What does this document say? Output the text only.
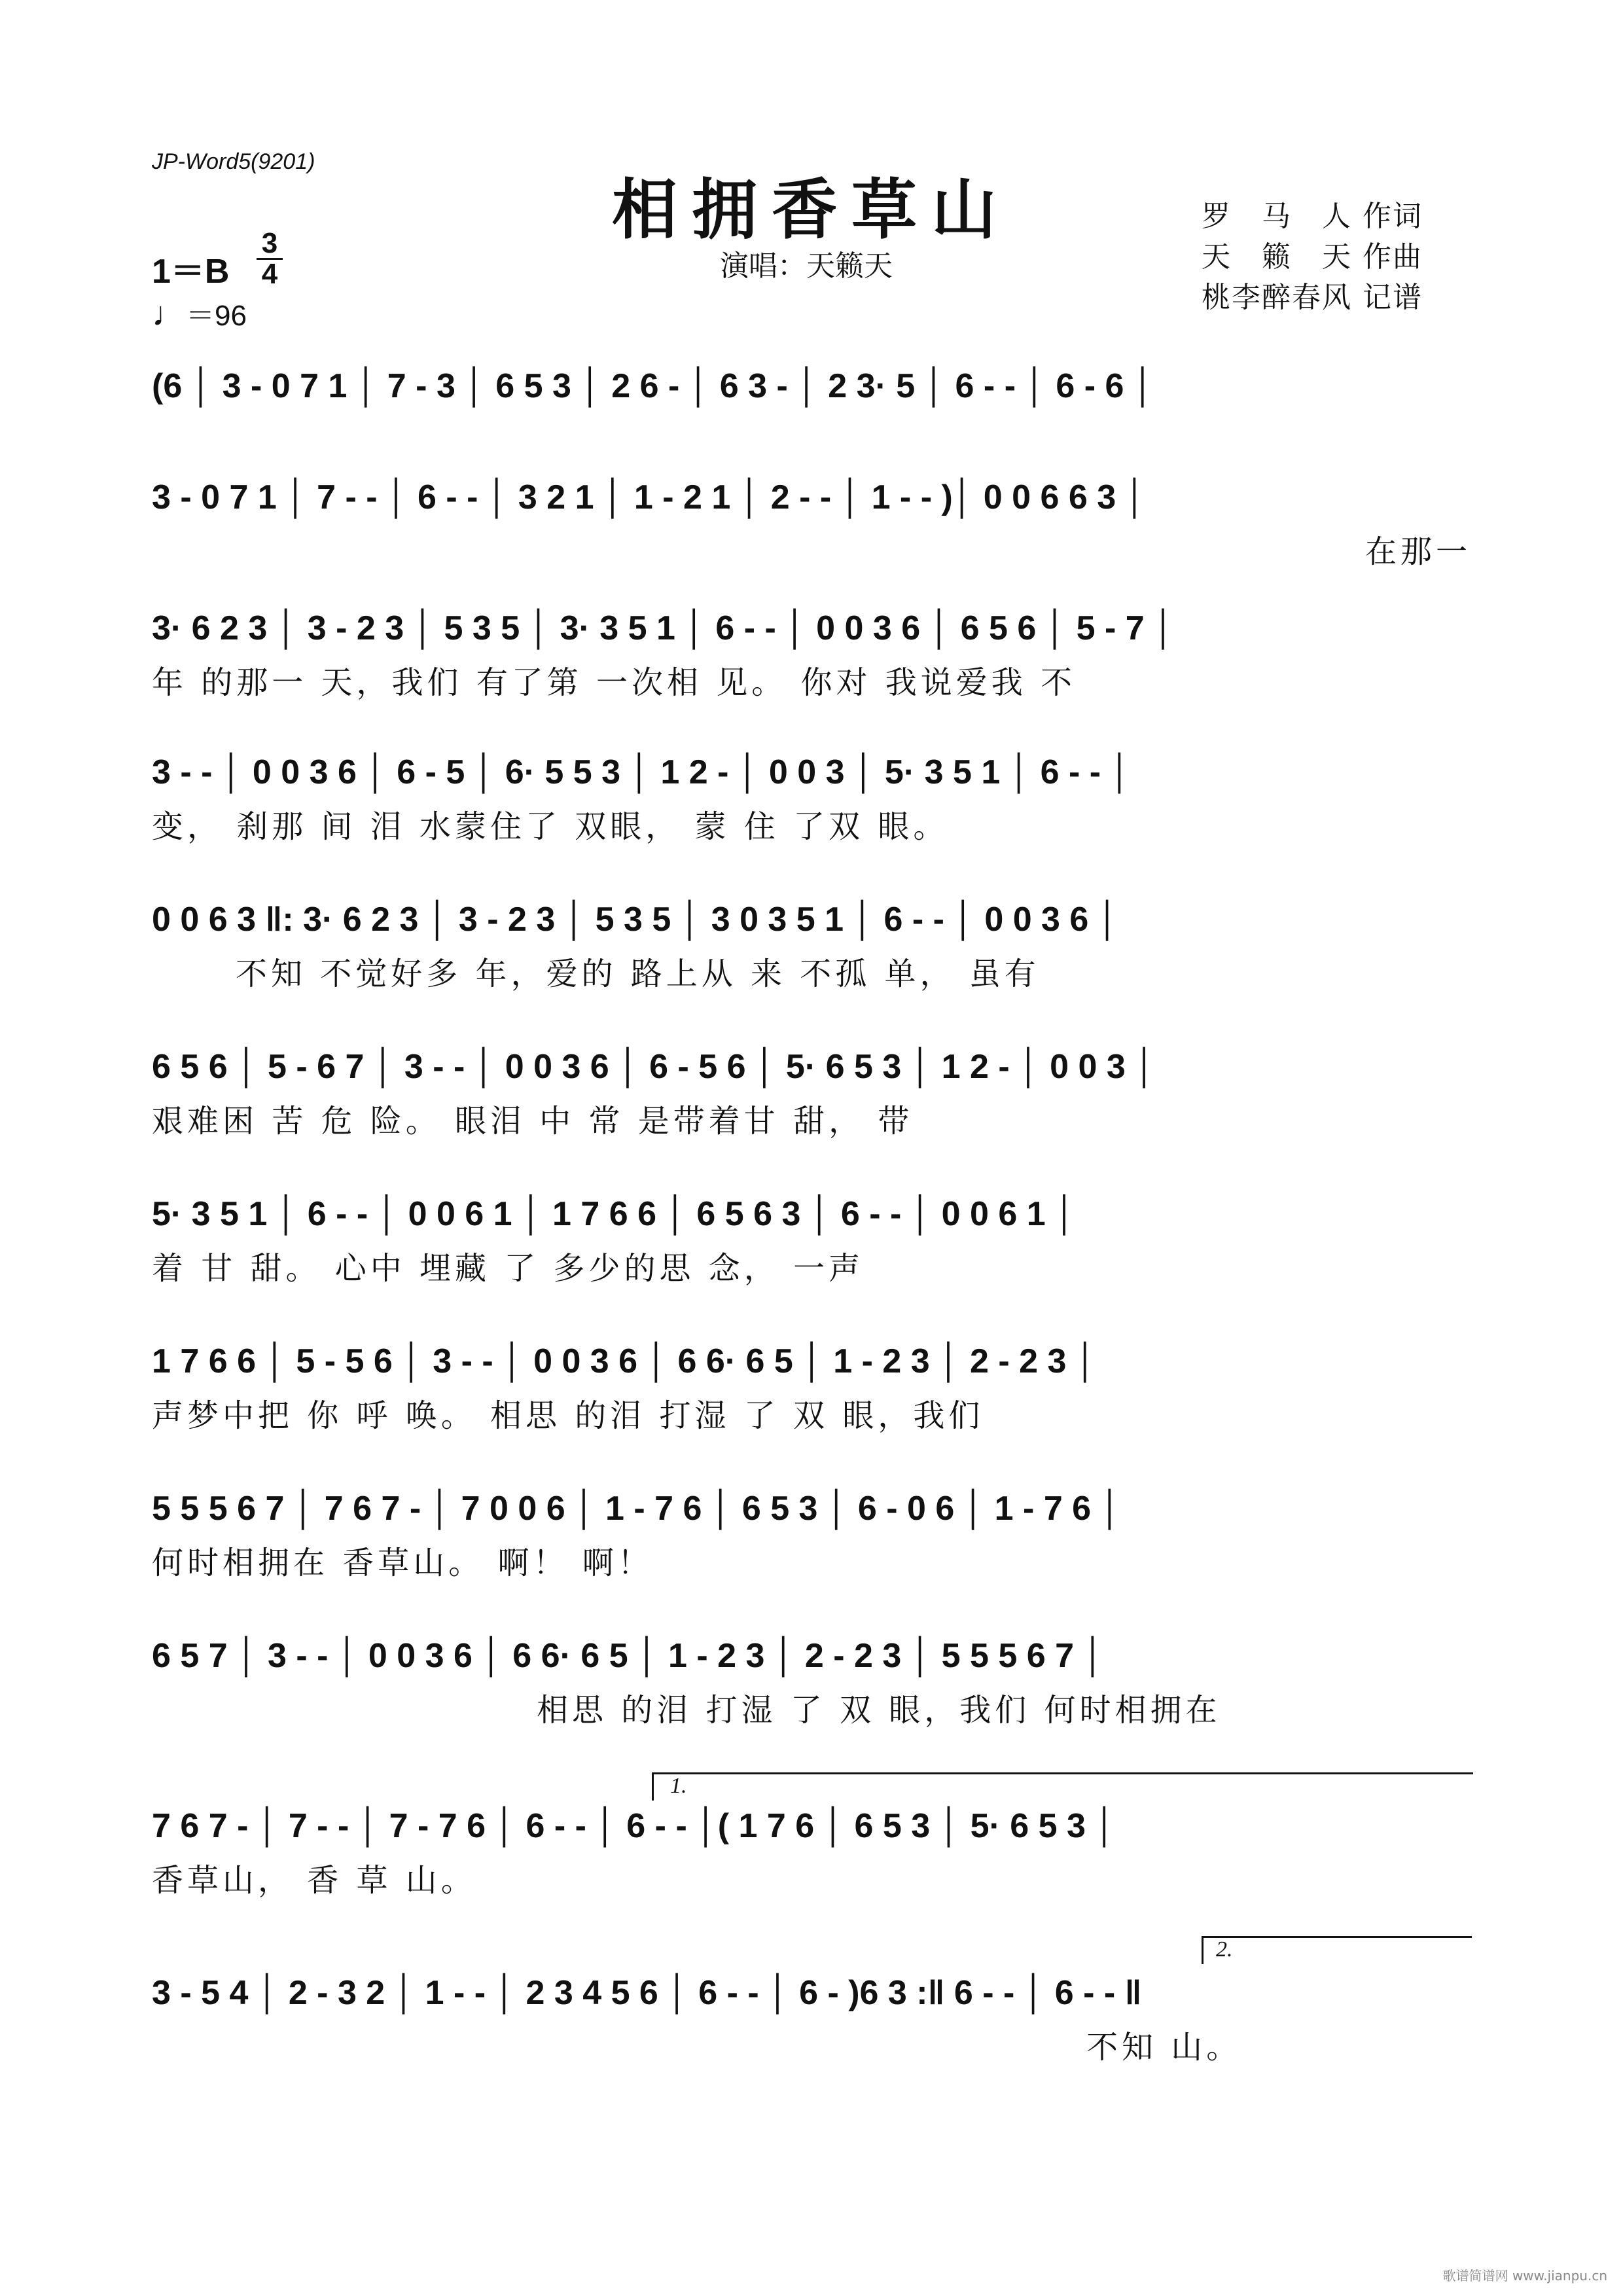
JP-Word5(9201)
相拥香草山
演唱：天籁天
罗　马　人 作词
天　籁　天 作曲
桃李醉春风 记谱
1＝B
3
4
♩＝96
(6 │ 3 - 0 7 1 │ 7 - 3 │ 6 5 3 │ 2 6 - │ 6 3 - │ 2 3· 5 │ 6 - - │ 6 - 6 │
3 - 0 7 1 │ 7 - - │ 6 - - │ 3 2 1 │ 1 - 2 1 │ 2 - - │ 1 - - )│ 0 0 6 6 3 │
在那一
3· 6 2 3 │ 3 - 2 3 │ 5 3 5 │ 3· 3 5 1 │ 6 - - │ 0 0 3 6 │ 6 5 6 │ 5 - 7 │
年 的那一 天，我们 有了第 一次相 见。 你对 我说爱我 不
3 - - │ 0 0 3 6 │ 6 - 5 │ 6· 5 5 3 │ 1 2 - │ 0 0 3 │ 5· 3 5 1 │ 6 - - │
变， 刹那 间 泪 水蒙住了 双眼， 蒙 住 了双 眼。
0 0 6 3 ‖: 3· 6 2 3 │ 3 - 2 3 │ 5 3 5 │ 3 0 3 5 1 │ 6 - - │ 0 0 3 6 │
不知 不觉好多 年，爱的 路上从 来 不孤 单， 虽有
6 5 6 │ 5 - 6 7 │ 3 - - │ 0 0 3 6 │ 6 - 5 6 │ 5· 6 5 3 │ 1 2 - │ 0 0 3 │
艰难困 苦 危 险。 眼泪 中 常 是带着甘 甜， 带
5· 3 5 1 │ 6 - - │ 0 0 6 1 │ 1 7 6 6 │ 6 5 6 3 │ 6 - - │ 0 0 6 1 │
着 甘 甜。 心中 埋藏 了 多少的思 念， 一声
1 7 6 6 │ 5 - 5 6 │ 3 - - │ 0 0 3 6 │ 6 6· 6 5 │ 1 - 2 3 │ 2 - 2 3 │
声梦中把 你 呼 唤。 相思 的泪 打湿 了 双 眼，我们
5 5 5 6 7 │ 7 6 7 - │ 7 0 0 6 │ 1 - 7 6 │ 6 5 3 │ 6 - 0 6 │ 1 - 7 6 │
何时相拥在 香草山。 啊！ 啊！
6 5 7 │ 3 - - │ 0 0 3 6 │ 6 6· 6 5 │ 1 - 2 3 │ 2 - 2 3 │ 5 5 5 6 7 │
相思 的泪 打湿 了 双 眼，我们 何时相拥在
7 6 7 - │ 7 - - │ 7 - 7 6 │ 6 - - │ 6 - - │( 1 7 6 │ 6 5 3 │ 5· 6 5 3 │
香草山， 香 草 山。
3 - 5 4 │ 2 - 3 2 │ 1 - - │ 2 3 4 5 6 │ 6 - - │ 6 - )6 3 :‖ 6 - - │ 6 - - ‖
不知 山。
1.
2.
歌谱简谱网 www.jianpu.cn
